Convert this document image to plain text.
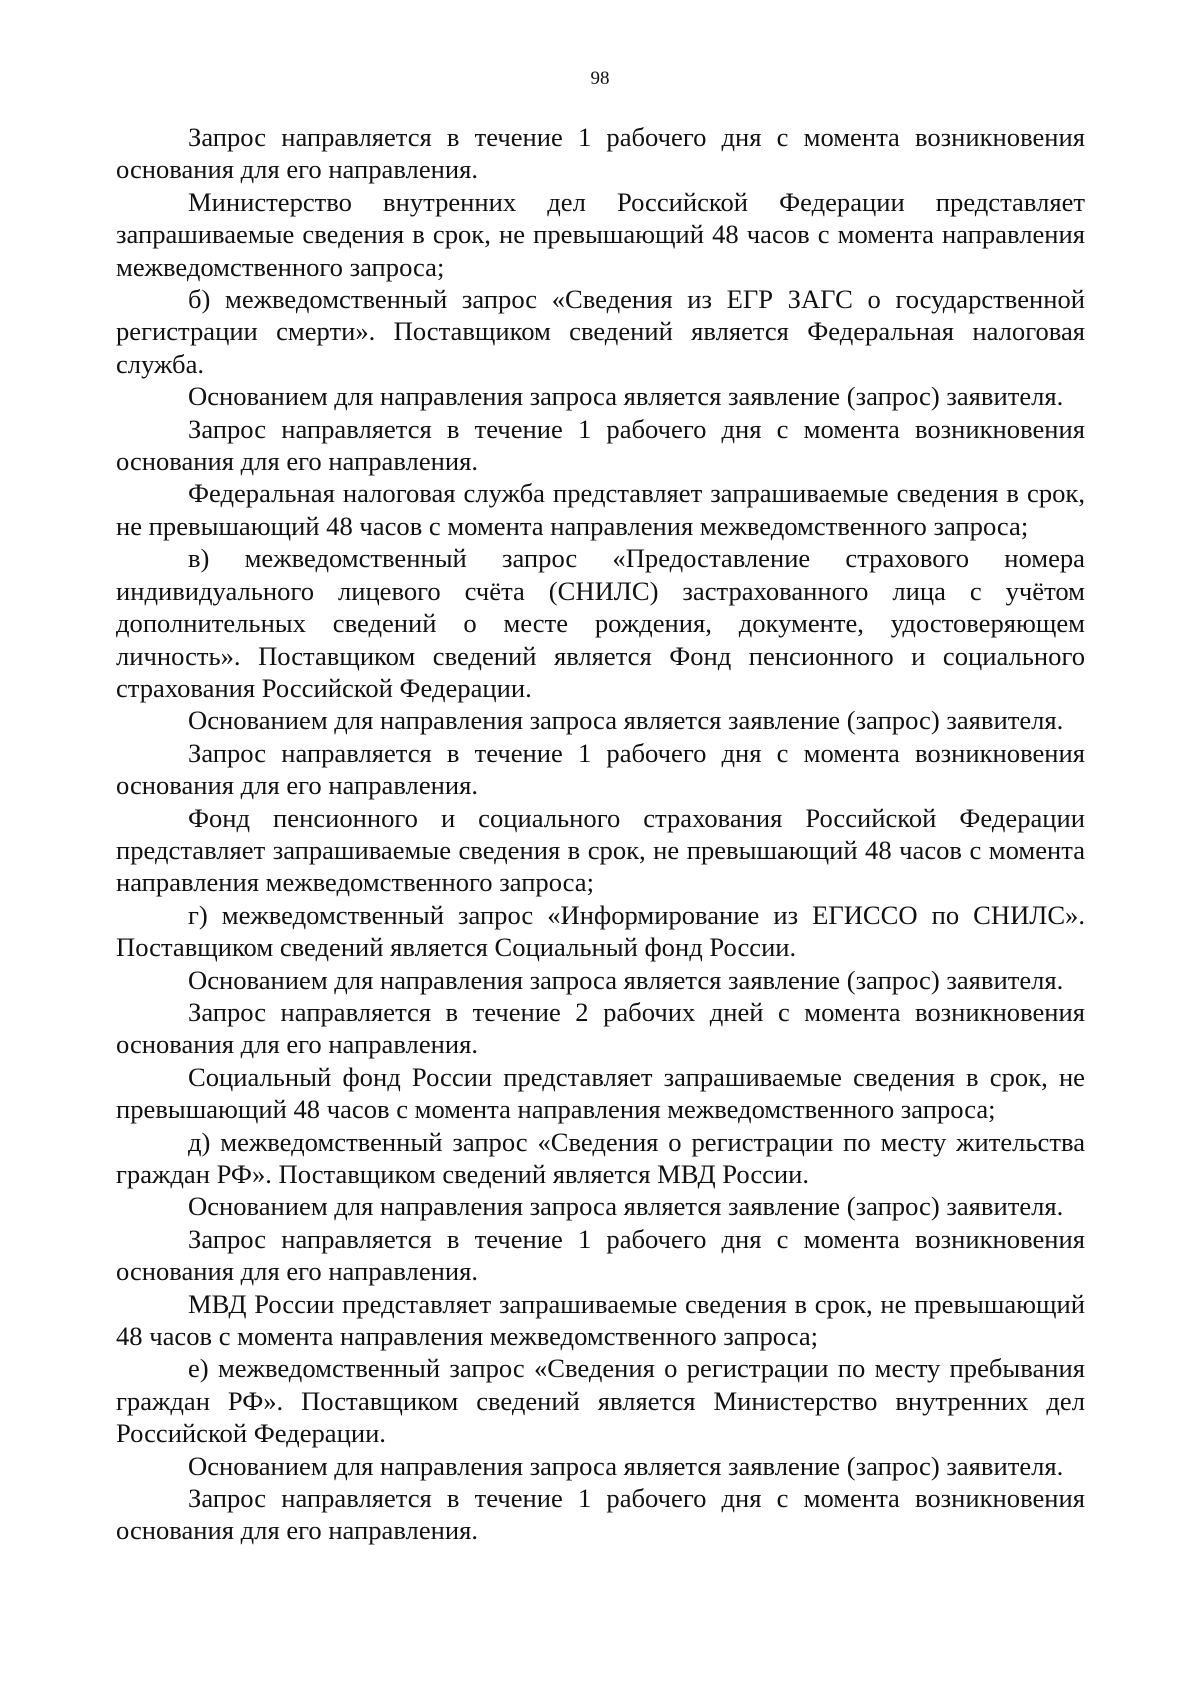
98

Запрос направляется в течение 1 рабочего дня с момента возникновения основания для его направления.

Министерство внутренних дел Российской Федерации представляет запрашиваемые сведения в срок, не превышающий 48 часов с момента направления межведомственного запроса;

б) межведомственный запрос «Сведения из ЕГР ЗАГС о государственной регистрации смерти». Поставщиком сведений является Федеральная налоговая служба.

Основанием для направления запроса является заявление (запрос) заявителя.

Запрос направляется в течение 1 рабочего дня с момента возникновения основания для его направления.

Федеральная налоговая служба представляет запрашиваемые сведения в срок, не превышающий 48 часов с момента направления межведомственного запроса;

в) межведомственный запрос «Предоставление страхового номера индивидуального лицевого счёта (СНИЛС) застрахованного лица с учётом дополнительных сведений о месте рождения, документе, удостоверяющем личность». Поставщиком сведений является Фонд пенсионного и социального страхования Российской Федерации.

Основанием для направления запроса является заявление (запрос) заявителя.

Запрос направляется в течение 1 рабочего дня с момента возникновения основания для его направления.

Фонд пенсионного и социального страхования Российской Федерации представляет запрашиваемые сведения в срок, не превышающий 48 часов с момента направления межведомственного запроса;

г) межведомственный запрос «Информирование из ЕГИССО по СНИЛС». Поставщиком сведений является Социальный фонд России.

Основанием для направления запроса является заявление (запрос) заявителя.

Запрос направляется в течение 2 рабочих дней с момента возникновения основания для его направления.

Социальный фонд России представляет запрашиваемые сведения в срок, не превышающий 48 часов с момента направления межведомственного запроса;

д) межведомственный запрос «Сведения о регистрации по месту жительства граждан РФ». Поставщиком сведений является МВД России.

Основанием для направления запроса является заявление (запрос) заявителя.

Запрос направляется в течение 1 рабочего дня с момента возникновения основания для его направления.

МВД России представляет запрашиваемые сведения в срок, не превышающий 48 часов с момента направления межведомственного запроса;

е) межведомственный запрос «Сведения о регистрации по месту пребывания граждан РФ». Поставщиком сведений является Министерство внутренних дел Российской Федерации.

Основанием для направления запроса является заявление (запрос) заявителя.

Запрос направляется в течение 1 рабочего дня с момента возникновения основания для его направления.
